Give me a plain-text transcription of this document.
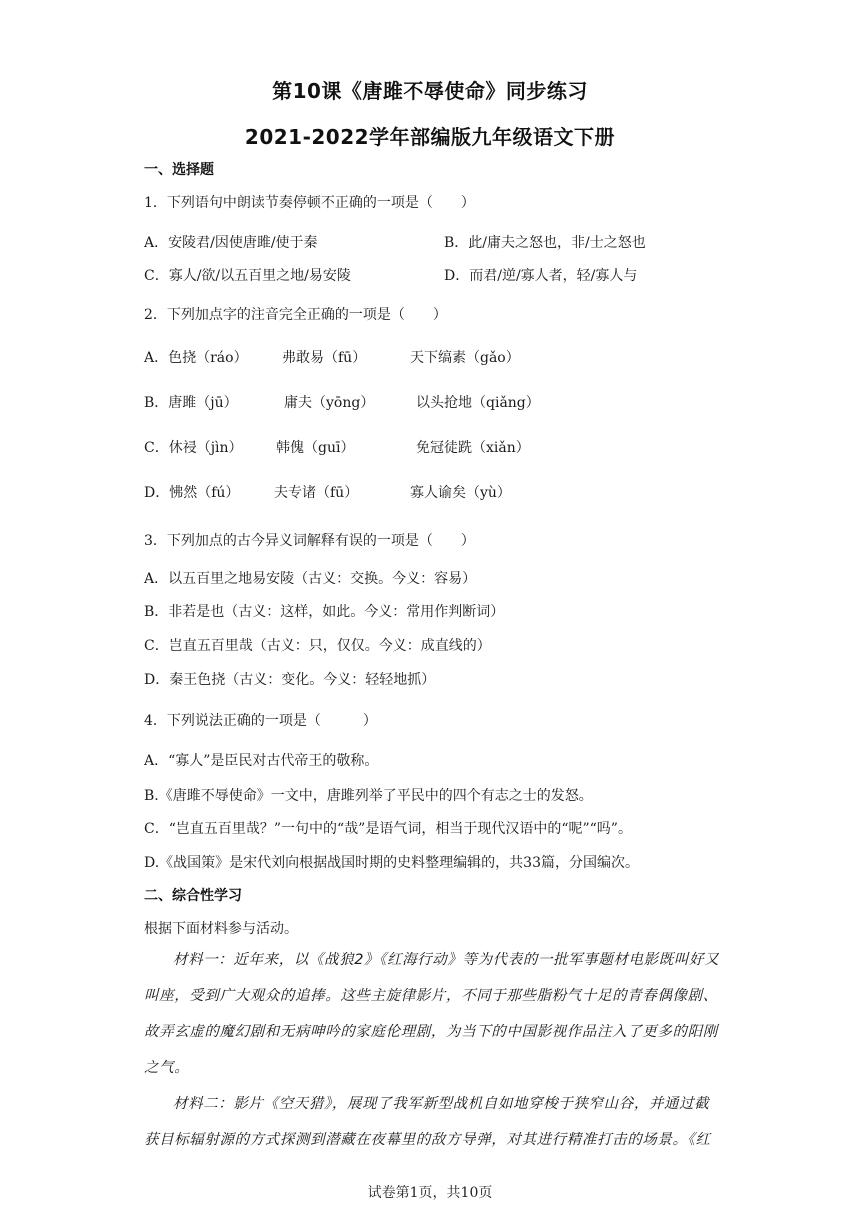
第10课《唐雎不辱使命》同步练习
2021-2022学年部编版九年级语文下册
一、选择题
1．下列语句中朗读节奏停顿不正确的一项是（　　）
A．安陵君/因使唐雎/使于秦	B．此/庸夫之怒也，非/士之怒也
C．寡人/欲/以五百里之地/易安陵	D．而君/逆/寡人者，轻/寡人与
2．下列加点字的注音完全正确的一项是（　　）
A．色挠（ráo） 弗敢易（fū）	天下缟素（gǎo）
B．唐雎（jū）	庸夫（yōng）	以头抢地（qiǎng）
C．休祲（jìn） 韩傀（guī）	免冠徒跣（xiǎn）
D．怫然（fú） 夫专诸（fū）	寡人谕矣（yù）
3．下列加点的古今异义词解释有误的一项是（　　）
A．以五百里之地易安陵（古义：交换。今义：容易）
B．非若是也（古义：这样，如此。今义：常用作判断词）
C．岂直五百里哉（古义：只，仅仅。今义：成直线的）
D．秦王色挠（古义：变化。今义：轻轻地抓）
4．下列说法正确的一项是（　　　）
A．“寡人”是臣民对古代帝王的敬称。
B.《唐雎不辱使命》一文中，唐雎列举了平民中的四个有志之士的发怒。
C．“岂直五百里哉？”一句中的“哉”是语气词，相当于现代汉语中的“呢”“吗”。
D.《战国策》是宋代刘向根据战国时期的史料整理编辑的，共33篇，分国编次。
二、综合性学习
根据下面材料参与活动。
材料一：近年来，以《战狼2》《红海行动》等为代表的一批军事题材电影既叫好又叫座，受到广大观众的追捧。这些主旋律影片，不同于那些脂粉气十足的青春偶像剧、故弄玄虚的魔幻剧和无病呻吟的家庭伦理剧，为当下的中国影视作品注入了更多的阳刚之气。
材料二：影片《空天猎》，展现了我军新型战机自如地穿梭于狭窄山谷，并通过截获目标辐射源的方式探测到潜藏在夜幕里的敌方导弹，对其进行精准打击的场景。《红
试卷第1页，共10页
